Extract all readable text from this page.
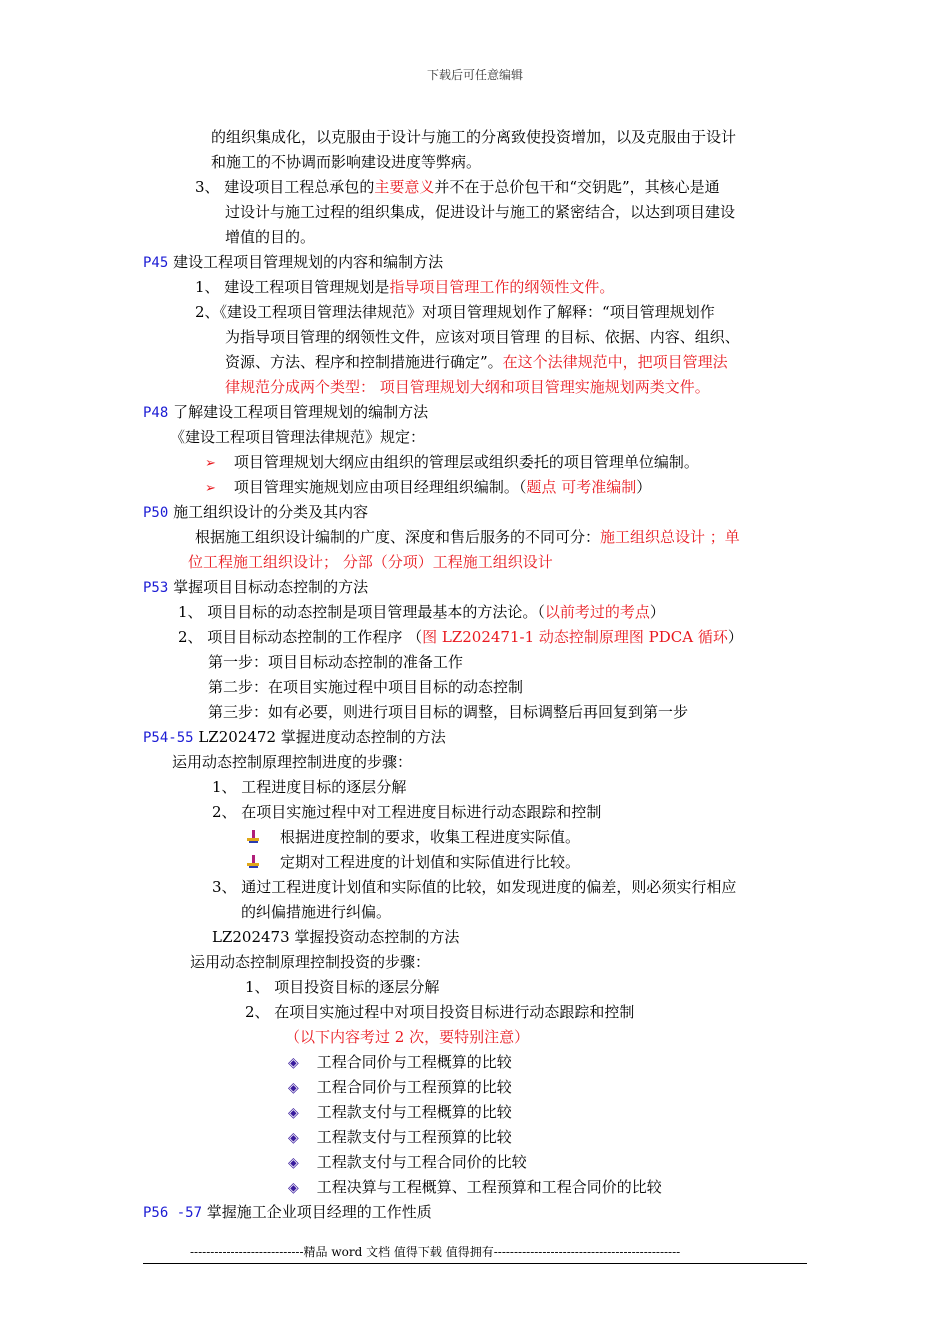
下载后可任意编辑
的组织集成化，以克服由于设计与施工的分离致使投资增加，以及克服由于设计
和施工的不协调而影响建设进度等弊病。
3、 建设项目工程总承包的主要意义并不在于总价包干和“交钥匙”，其核心是通
过设计与施工过程的组织集成，促进设计与施工的紧密结合，以达到项目建设
增值的目的。
P45 建设工程项目管理规划的内容和编制方法
1、 建设工程项目管理规划是指导项目管理工作的纲领性文件。
2、《建设工程项目管理法律规范》对项目管理规划作了解释：“项目管理规划作
为指导项目管理的纲领性文件，应该对项目管理 的目标、依据、内容、组织、
资源、方法、程序和控制措施进行确定”。在这个法律规范中，把项目管理法
律规范分成两个类型： 项目管理规划大纲和项目管理实施规划两类文件。
P48 了解建设工程项目管理规划的编制方法
《建设工程项目管理法律规范》规定：
➢ 项目管理规划大纲应由组织的管理层或组织委托的项目管理单位编制。
➢ 项目管理实施规划应由项目经理组织编制。（题点 可考准编制）
P50 施工组织设计的分类及其内容
根据施工组织设计编制的广度、深度和售后服务的不同可分：施工组织总设计 ；单
位工程施工组织设计； 分部（分项）工程施工组织设计
P53 掌握项目目标动态控制的方法
1、 项目目标的动态控制是项目管理最基本的方法论。（以前考过的考点）
2、 项目目标动态控制的工作程序 （图 LZ202471-1 动态控制原理图 PDCA 循环）
第一步：项目目标动态控制的准备工作
第二步：在项目实施过程中项目目标的动态控制
第三步：如有必要，则进行项目目标的调整，目标调整后再回复到第一步
P54-55 LZ202472 掌握进度动态控制的方法
运用动态控制原理控制进度的步骤：
1、 工程进度目标的逐层分解
2、 在项目实施过程中对工程进度目标进行动态跟踪和控制
根据进度控制的要求，收集工程进度实际值。
定期对工程进度的计划值和实际值进行比较。
3、 通过工程进度计划值和实际值的比较，如发现进度的偏差，则必须实行相应
的纠偏措施进行纠偏。
LZ202473 掌握投资动态控制的方法
运用动态控制原理控制投资的步骤：
1、 项目投资目标的逐层分解
2、 在项目实施过程中对项目投资目标进行动态跟踪和控制
（以下内容考过 2 次，要特别注意）
◈ 工程合同价与工程概算的比较
◈ 工程合同价与工程预算的比较
◈ 工程款支付与工程概算的比较
◈ 工程款支付与工程预算的比较
◈ 工程款支付与工程合同价的比较
◈ 工程决算与工程概算、工程预算和工程合同价的比较
P56 -57 掌握施工企业项目经理的工作性质
----------------------------精品 word 文档 值得下载 值得拥有----------------------------------------------
